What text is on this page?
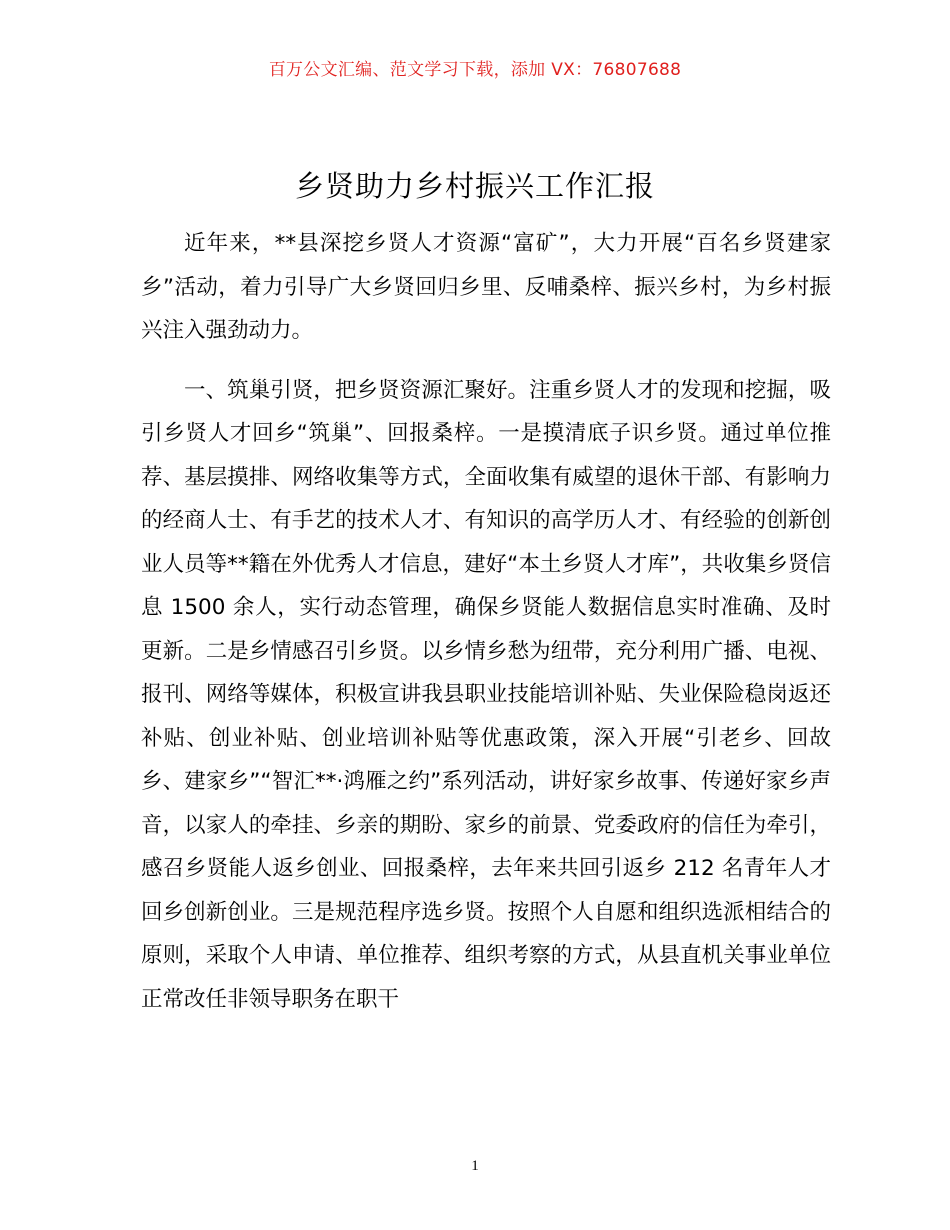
百万公文汇编、范文学习下载，添加 VX：76807688
乡贤助力乡村振兴工作汇报

近年来，**县深挖乡贤人才资源“富矿”，大力开展“百名乡贤建家乡”活动，着力引导广大乡贤回归乡里、反哺桑梓、振兴乡村，为乡村振兴注入强劲动力。

一、筑巢引贤，把乡贤资源汇聚好。注重乡贤人才的发现和挖掘，吸引乡贤人才回乡“筑巢”、回报桑梓。一是摸清底子识乡贤。通过单位推荐、基层摸排、网络收集等方式，全面收集有威望的退休干部、有影响力的经商人士、有手艺的技术人才、有知识的高学历人才、有经验的创新创业人员等**籍在外优秀人才信息，建好“本土乡贤人才库”，共收集乡贤信息 1500 余人，实行动态管理，确保乡贤能人数据信息实时准确、及时更新。二是乡情感召引乡贤。以乡情乡愁为纽带，充分利用广播、电视、报刊、网络等媒体，积极宣讲我县职业技能培训补贴、失业保险稳岗返还补贴、创业补贴、创业培训补贴等优惠政策，深入开展“引老乡、回故乡、建家乡”“智汇**·鸿雁之约”系列活动，讲好家乡故事、传递好家乡声音，以家人的牵挂、乡亲的期盼、家乡的前景、党委政府的信任为牵引，感召乡贤能人返乡创业、回报桑梓，去年来共回引返乡 212 名青年人才回乡创新创业。三是规范程序选乡贤。按照个人自愿和组织选派相结合的原则，采取个人申请、单位推荐、组织考察的方式，从县直机关事业单位正常改任非领导职务在职干

1
